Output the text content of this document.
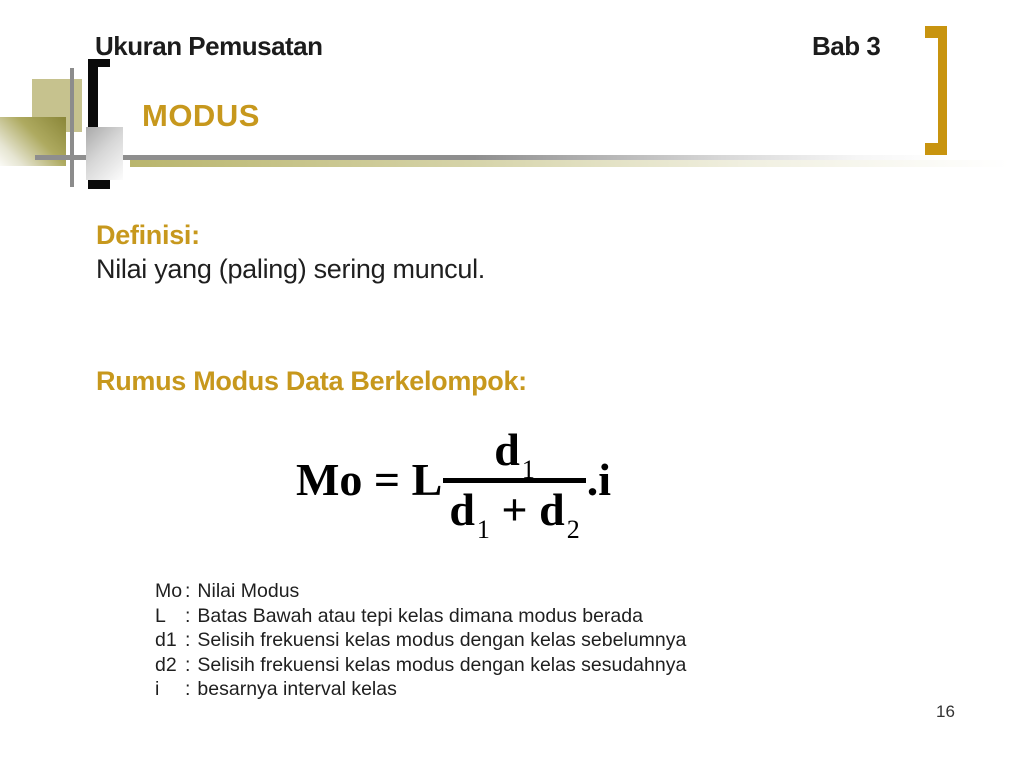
Ukuran Pemusatan	Bab 3
MODUS
Definisi:
Nilai yang (paling) sering muncul.
Rumus Modus Data Berkelompok:
Mo = L $\frac{d_1}{d_1 + d_2} .i$
Mo : Nilai Modus
L : Batas Bawah atau tepi kelas dimana modus berada
d1 : Selisih frekuensi kelas modus dengan kelas sebelumnya
d2 : Selisih frekuensi kelas modus dengan kelas sesudahnya
i	: besarnya interval kelas
16
